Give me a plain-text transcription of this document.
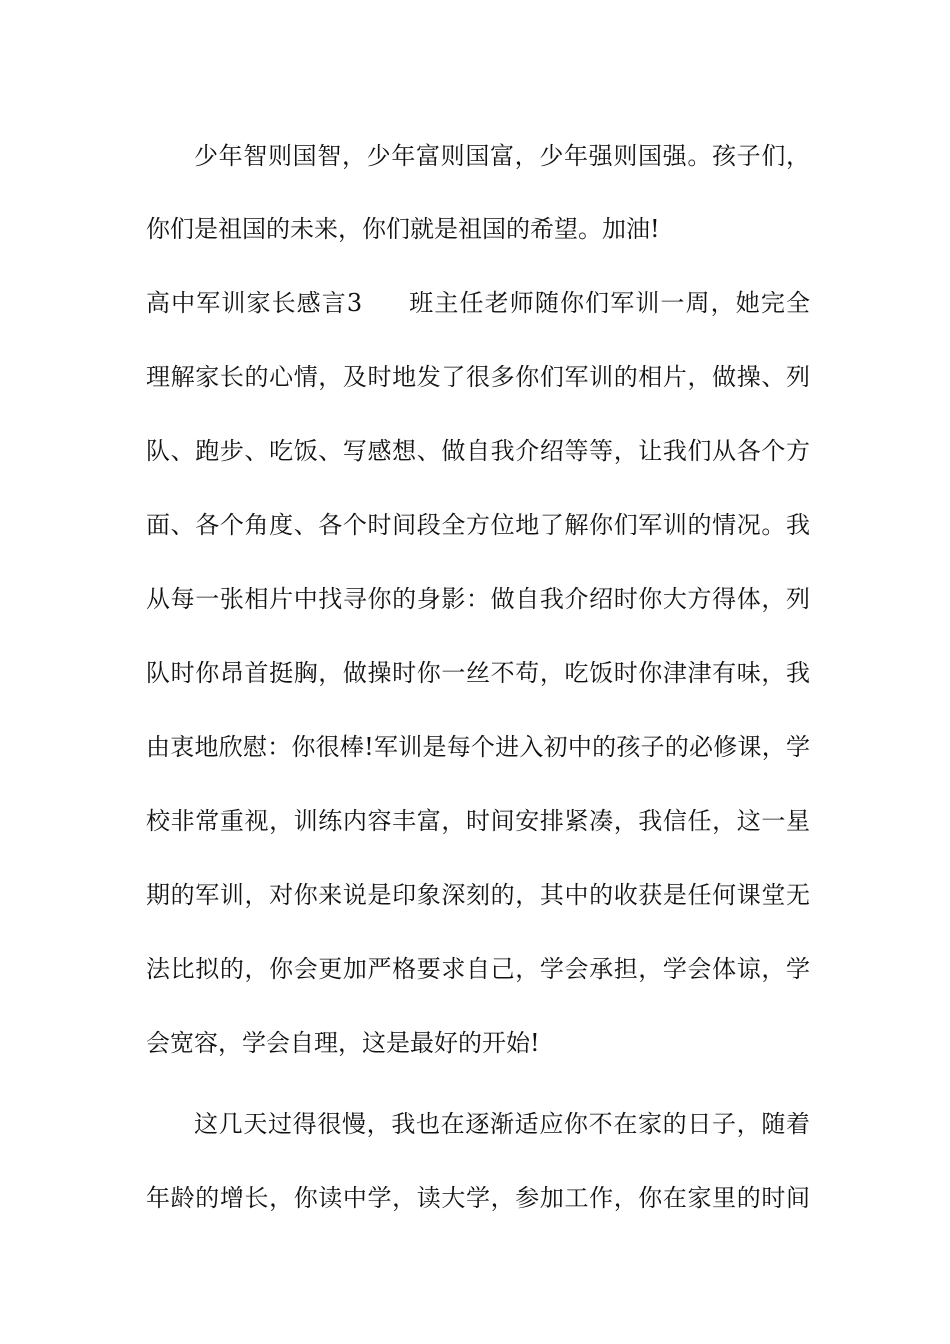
少年智则国智，少年富则国富，少年强则国强。孩子们，
你们是祖国的未来，你们就是祖国的希望。加油!
高中军训家长感言3 班主任老师随你们军训一周，她完全
理解家长的心情，及时地发了很多你们军训的相片，做操、列
队、跑步、吃饭、写感想、做自我介绍等等，让我们从各个方
面、各个角度、各个时间段全方位地了解你们军训的情况。我
从每一张相片中找寻你的身影：做自我介绍时你大方得体，列
队时你昂首挺胸，做操时你一丝不苟，吃饭时你津津有味，我
由衷地欣慰：你很棒!军训是每个进入初中的孩子的必修课，学
校非常重视，训练内容丰富，时间安排紧凑，我信任，这一星
期的军训，对你来说是印象深刻的，其中的收获是任何课堂无
法比拟的，你会更加严格要求自己，学会承担，学会体谅，学
会宽容，学会自理，这是最好的开始!
这几天过得很慢，我也在逐渐适应你不在家的日子，随着
年龄的增长，你读中学，读大学，参加工作，你在家里的时间
